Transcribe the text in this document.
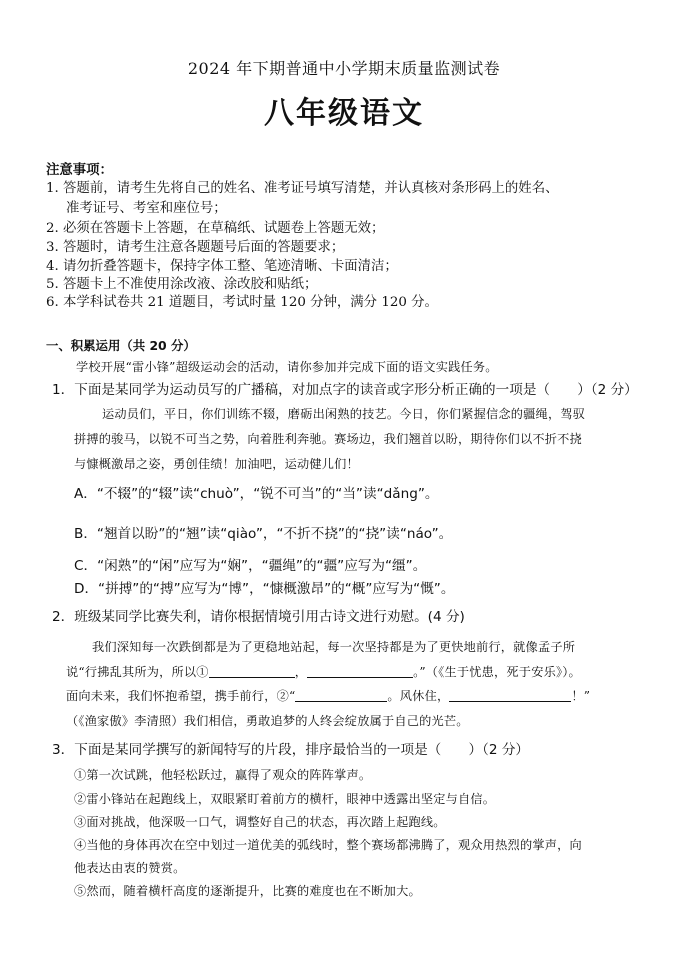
2024 年下期普通中小学期末质量监测试卷
八年级语文
注意事项：
1. 答题前，请考生先将自己的姓名、准考证号填写清楚，并认真核对条形码上的姓名、
准考证号、考室和座位号；
2. 必须在答题卡上答题，在草稿纸、试题卷上答题无效；
3. 答题时，请考生注意各题题号后面的答题要求；
4. 请勿折叠答题卡，保持字体工整、笔迹清晰、卡面清洁；
5. 答题卡上不准使用涂改液、涂改胶和贴纸；
6. 本学科试卷共 21 道题目，考试时量 120 分钟，满分 120 分。
一、积累运用（共 20 分）
学校开展“雷小锋”超级运动会的活动，请你参加并完成下面的语文实践任务。
1．下面是某同学为运动员写的广播稿，对加点字的读音或字形分析正确的一项是（　　）（2 分）
运动员们，平日，你们训练不辍，磨砺出闲熟的技艺。今日，你们紧握信念的疆绳，驾驭
拼搏的骏马，以锐不可当之势，向着胜利奔驰。赛场边，我们翘首以盼，期待你们以不折不挠
与慷概激昂之姿，勇创佳绩！加油吧，运动健儿们！
A．“不辍”的“辍”读“chuò”，“锐不可当”的“当”读“dǎng”。
B．“翘首以盼”的“翘”读“qiào”，“不折不挠”的“挠”读“náo”。
C．“闲熟”的“闲”应写为“娴”，“疆绳”的“疆”应写为“缰”。
D．“拼搏”的“搏”应写为“博”，“慷概激昂”的“概”应写为“慨”。
2．班级某同学比赛失利，请你根据情境引用古诗文进行劝慰。(4 分)
我们深知每一次跌倒都是为了更稳地站起，每一次坚持都是为了更快地前行，就像孟子所
说“行拂乱其所为，所以①	，	。”（《生于忧患，死于安乐》）。
面向未来，我们怀抱希望，携手前行，②“	。风休住，	！”
（《渔家傲》李清照）我们相信，勇敢追梦的人终会绽放属于自己的光芒。
3．下面是某同学撰写的新闻特写的片段，排序最恰当的一项是（　　）（2 分）
①第一次试跳，他轻松跃过，赢得了观众的阵阵掌声。
②雷小锋站在起跑线上，双眼紧盯着前方的横杆，眼神中透露出坚定与自信。
③面对挑战，他深吸一口气，调整好自己的状态，再次踏上起跑线。
④当他的身体再次在空中划过一道优美的弧线时，整个赛场都沸腾了，观众用热烈的掌声，向
他表达由衷的赞赏。
⑤然而，随着横杆高度的逐渐提升，比赛的难度也在不断加大。
